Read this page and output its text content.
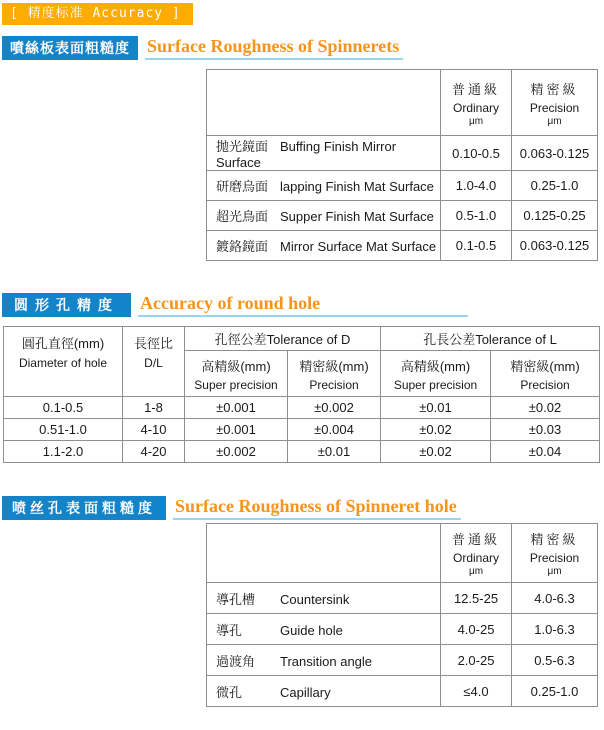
[ 精度标准 Accuracy ]
噴絲板表面粗糙度 Surface Roughness of Spinnerets

普通級
Ordinary
μm

精密級
Precision
μm

拋光鏡面 Buffing Finish Mirror Surface	0.10-0.5	0.063-0.125
研磨烏面 lapping Finish Mat Surface	1.0-4.0	0.25-1.0
超光鳥面 Supper Finish Mat Surface	0.5-1.0	0.125-0.25
鍍鉻鏡面 Mirror Surface Mat Surface	0.1-0.5	0.063-0.125
圆形孔精度	Accuracy of round hole
圓孔直徑(mm)
Diameter of hole

長徑比
D/L
	孔徑公差Tolerance of D	孔長公差Tolerance of L

高精級(mm)
Super precision

精密級(mm)
Precision

高精級(mm)
Super precision

精密級(mm)
Precision

0.1-0.5	1-8	±0.001	±0.002	±0.01	±0.02
0.51-1.0	4-10	±0.001	±0.004	±0.02	±0.03
1.1-2.0	4-20	±0.002	±0.01	±0.02	±0.04
喷丝孔表面粗糙度	Surface Roughness of Spinneret hole

普通級
Ordinary
μm

精密級
Precision
μm

導孔槽 Countersink	12.5-25	4.0-6.3
導孔 Guide hole	4.0-25	1.0-6.3
過渡角 Transition angle	2.0-25	0.5-6.3
微孔 Capillary	≤4.0	0.25-1.0
